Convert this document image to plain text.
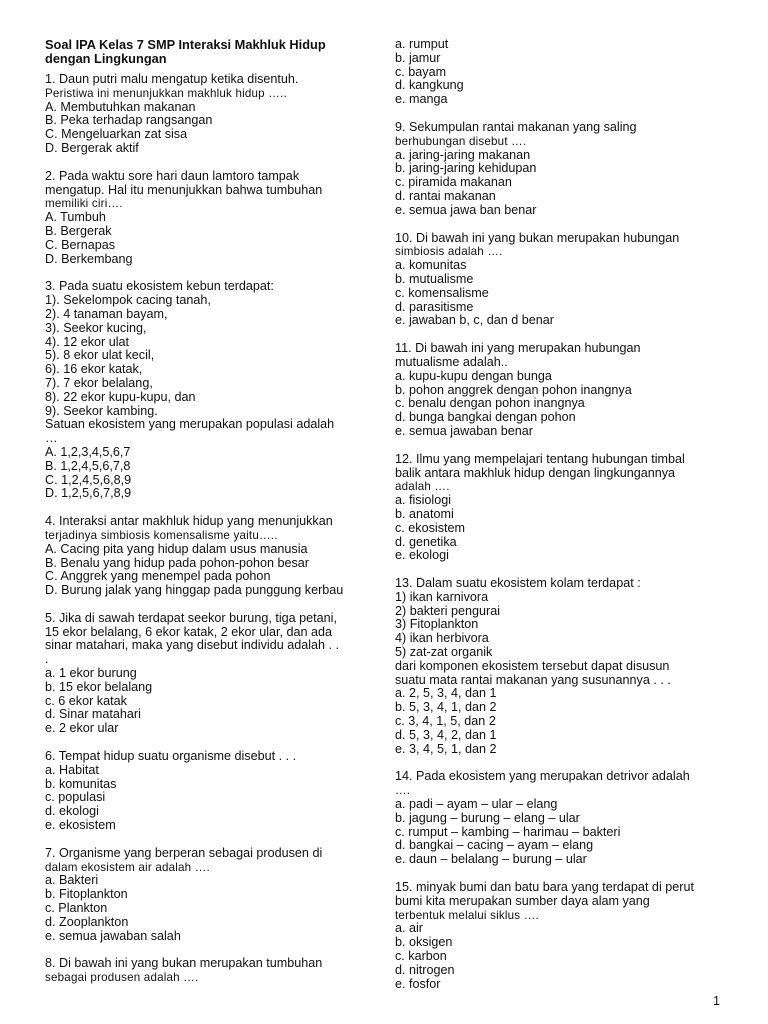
Soal IPA Kelas 7 SMP Interaksi Makhluk Hidup
dengan Lingkungan
1. Daun putri malu mengatup ketika disentuh.
Peristiwa ini menunjukkan makhluk hidup …..
A. Membutuhkan makanan
B. Peka terhadap rangsangan
C. Mengeluarkan zat sisa
D. Bergerak aktif
2. Pada waktu sore hari daun lamtoro tampak
mengatup. Hal itu menunjukkan bahwa tumbuhan
memiliki ciri….
A. Tumbuh
B. Bergerak
C. Bernapas
D. Berkembang
3. Pada suatu ekosistem kebun terdapat:
1). Sekelompok cacing tanah,
2). 4 tanaman bayam,
3). Seekor kucing,
4). 12 ekor ulat
5). 8 ekor ulat kecil,
6). 16 ekor katak,
7). 7 ekor belalang,
8). 22 ekor kupu-kupu, dan
9). Seekor kambing.
Satuan ekosistem yang merupakan populasi adalah
…
A. 1,2,3,4,5,6,7
B. 1,2,4,5,6,7,8
C. 1,2,4,5,6,8,9
D. 1,2,5,6,7,8,9
4. Interaksi antar makhluk hidup yang menunjukkan
terjadinya simbiosis komensalisme yaitu…..
A. Cacing pita yang hidup dalam usus manusia
B. Benalu yang hidup pada pohon-pohon besar
C. Anggrek yang menempel pada pohon
D. Burung jalak yang hinggap pada punggung kerbau
5. Jika di sawah terdapat seekor burung, tiga petani,
15 ekor belalang, 6 ekor katak, 2 ekor ular, dan ada
sinar matahari, maka yang disebut individu adalah . .
.
a. 1 ekor burung
b. 15 ekor belalang
c. 6 ekor katak
d. Sinar matahari
e. 2 ekor ular
6. Tempat hidup suatu organisme disebut . . .
a. Habitat
b. komunitas
c. populasi
d. ekologi
e. ekosistem
7. Organisme yang berperan sebagai produsen di
dalam ekosistem air adalah ….
a. Bakteri
b. Fitoplankton
c. Plankton
d. Zooplankton
e. semua jawaban salah
8. Di bawah ini yang bukan merupakan tumbuhan
sebagai produsen adalah ….
a. rumput
b. jamur
c. bayam
d. kangkung
e. manga
9. Sekumpulan rantai makanan yang saling
berhubungan disebut ….
a. jaring-jaring makanan
b. jaring-jaring kehidupan
c. piramida makanan
d. rantai makanan
e. semua jawa ban benar
10. Di bawah ini yang bukan merupakan hubungan
simbiosis adalah ….
a. komunitas
b. mutualisme
c. komensalisme
d. parasitisme
e. jawaban b, c, dan d benar
11. Di bawah ini yang merupakan hubungan
mutualisme adalah..
a. kupu-kupu dengan bunga
b. pohon anggrek dengan pohon inangnya
c. benalu dengan pohon inangnya
d. bunga bangkai dengan pohon
e. semua jawaban benar
12. Ilmu yang mempelajari tentang hubungan timbal
balik antara makhluk hidup dengan lingkungannya
adalah ….
a. fisiologi
b. anatomi
c. ekosistem
d. genetika
e. ekologi
13. Dalam suatu ekosistem kolam terdapat :
1) ikan karnivora
2) bakteri pengurai
3) Fitoplankton
4) ikan herbivora
5) zat-zat organik
dari komponen ekosistem tersebut dapat disusun
suatu mata rantai makanan yang susunannya . . .
a. 2, 5, 3, 4, dan 1
b. 5, 3, 4, 1, dan 2
c. 3, 4, 1, 5, dan 2
d. 5, 3, 4, 2, dan 1
e. 3, 4, 5, 1, dan 2
14. Pada ekosistem yang merupakan detrivor adalah
….
a. padi – ayam – ular – elang
b. jagung – burung – elang – ular
c. rumput – kambing – harimau – bakteri
d. bangkai – cacing – ayam – elang
e. daun – belalang – burung – ular
15. minyak bumi dan batu bara yang terdapat di perut
bumi kita merupakan sumber daya alam yang
terbentuk melalui siklus ….
a. air
b. oksigen
c. karbon
d. nitrogen
e. fosfor
1
